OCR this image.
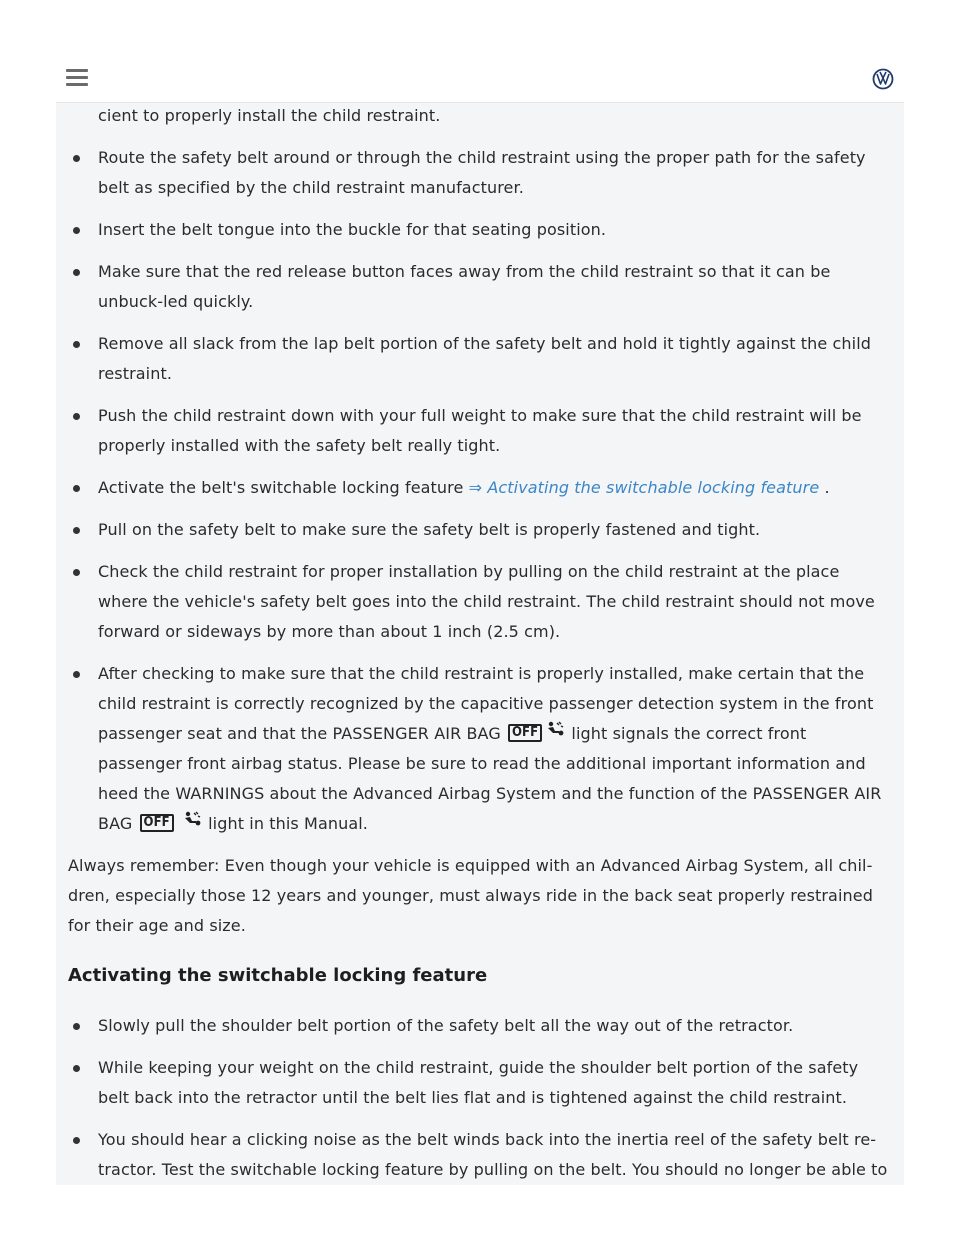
cient to properly install the child restraint.

Route the safety belt around or through the child restraint using the proper path for the safety belt as specified by the child restraint manufacturer.

Insert the belt tongue into the buckle for that seating position.

Make sure that the red release button faces away from the child restraint so that it can be unbuck-led quickly.

Remove all slack from the lap belt portion of the safety belt and hold it tightly against the child restraint.

Push the child restraint down with your full weight to make sure that the child restraint will be properly installed with the safety belt really tight.

Activate the belt's switchable locking feature ⇒ Activating the switchable locking feature .

Pull on the safety belt to make sure the safety belt is properly fastened and tight.

Check the child restraint for proper installation by pulling on the child restraint at the place where the vehicle's safety belt goes into the child restraint. The child restraint should not move forward or sideways by more than about 1 inch (2.5 cm).

After checking to make sure that the child restraint is properly installed, make certain that the child restraint is correctly recognized by the capacitive passenger detection system in the front passenger seat and that the PASSENGER AIR BAG OFF light signals the correct front passenger front airbag status. Please be sure to read the additional important information and heed the WARNINGS about the Advanced Airbag System and the function of the PASSENGER AIR BAG OFF  light in this Manual.

Always remember: Even though your vehicle is equipped with an Advanced Airbag System, all chil-dren, especially those 12 years and younger, must always ride in the back seat properly restrained for their age and size.

Activating the switchable locking feature

Slowly pull the shoulder belt portion of the safety belt all the way out of the retractor.

While keeping your weight on the child restraint, guide the shoulder belt portion of the safety belt back into the retractor until the belt lies flat and is tightened against the child restraint.

You should hear a clicking noise as the belt winds back into the inertia reel of the safety belt re-tractor. Test the switchable locking feature by pulling on the belt. You should no longer be able to
